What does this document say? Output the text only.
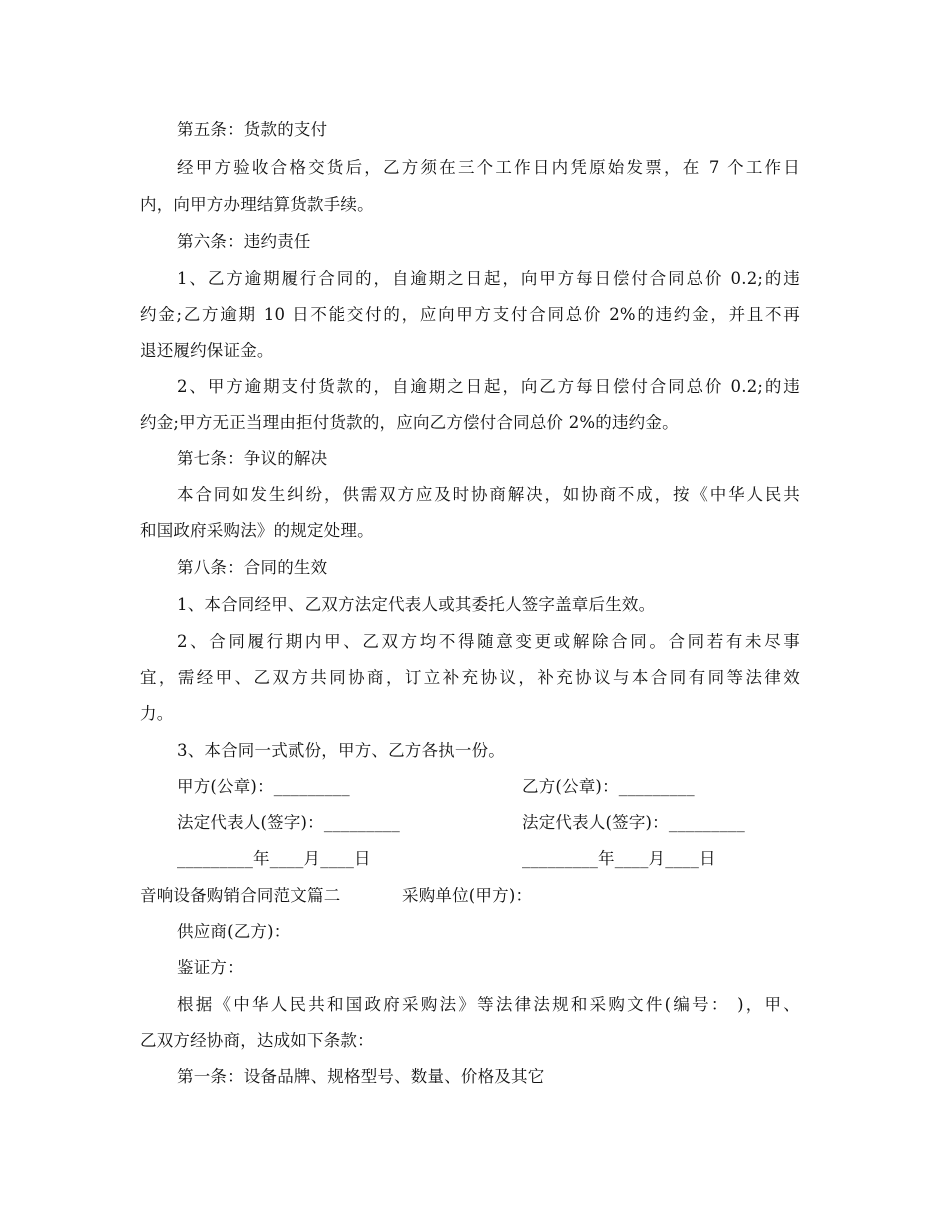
第五条：货款的支付
经甲方验收合格交货后，乙方须在三个工作日内凭原始发票，在 7 个工作日
内，向甲方办理结算货款手续。
第六条：违约责任
1、乙方逾期履行合同的，自逾期之日起，向甲方每日偿付合同总价 0.2;的违
约金;乙方逾期 10 日不能交付的，应向甲方支付合同总价 2%的违约金，并且不再
退还履约保证金。
2、甲方逾期支付货款的，自逾期之日起，向乙方每日偿付合同总价 0.2;的违
约金;甲方无正当理由拒付货款的，应向乙方偿付合同总价 2%的违约金。
第七条：争议的解决
本合同如发生纠纷，供需双方应及时协商解决，如协商不成，按《中华人民共
和国政府采购法》的规定处理。
第八条：合同的生效
1、本合同经甲、乙双方法定代表人或其委托人签字盖章后生效。
2、合同履行期内甲、乙双方均不得随意变更或解除合同。合同若有未尽事
宜，需经甲、乙双方共同协商，订立补充协议，补充协议与本合同有同等法律效
力。
3、本合同一式贰份，甲方、乙方各执一份。
甲方(公章)：_________	乙方(公章)：_________
法定代表人(签字)：_________	法定代表人(签字)：_________
_________年____月____日	_________年____月____日
音响设备购销合同范文篇二	采购单位(甲方)：
供应商(乙方)：
鉴证方：
根据《中华人民共和国政府采购法》等法律法规和采购文件(编号： )，甲、
乙双方经协商，达成如下条款：
第一条：设备品牌、规格型号、数量、价格及其它
